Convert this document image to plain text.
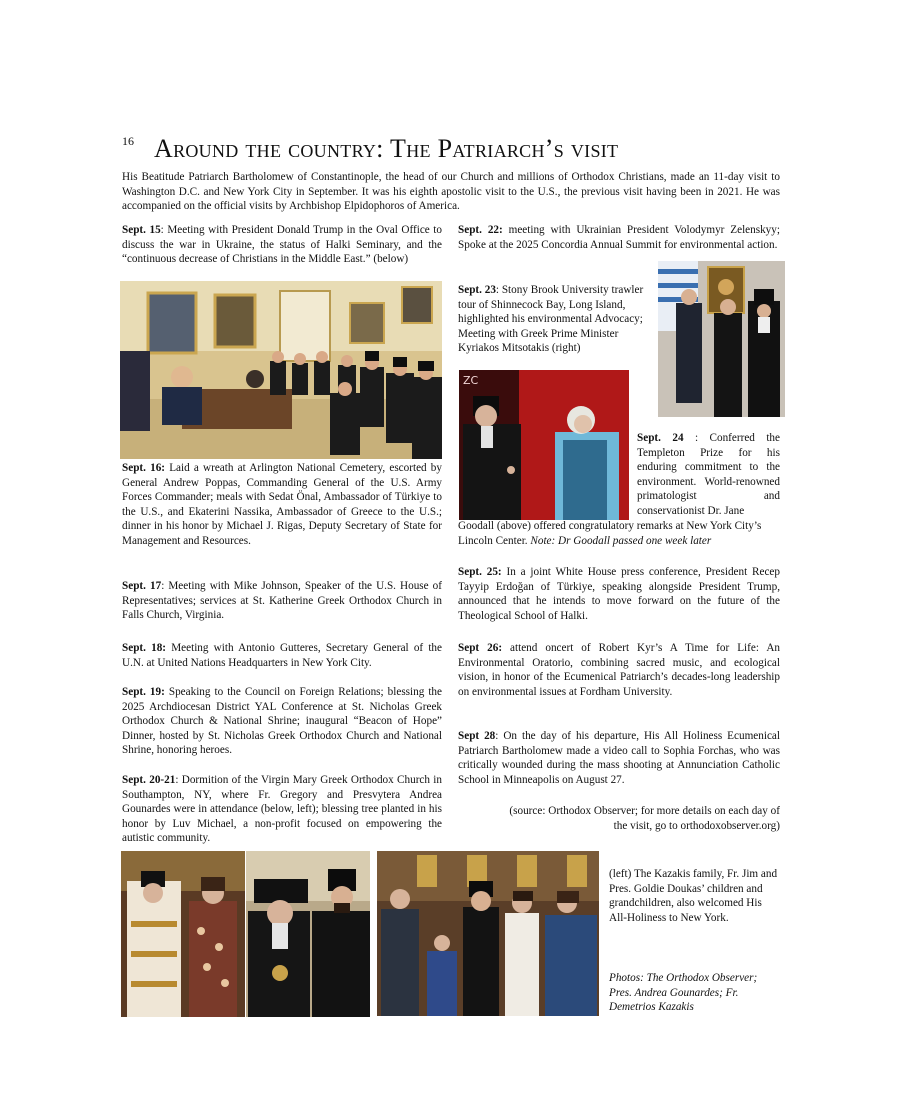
16 Around the country: The Patriarch’s visit

His Beatitude Patriarch Bartholomew of Constantinople, the head of our Church and millions of Orthodox Christians, made an 11-day visit to Washington D.C. and New York City in September. It was his eighth apostolic visit to the U.S., the previous visit having been in 2021. He was accompanied on the official visits by Archbishop Elpidophoros of America.

Sept. 15: Meeting with President Donald Trump in the Oval Office to discuss the war in Ukraine, the status of Halki Seminary, and the “continuous decrease of Christians in the Middle East.” (below)

Sept. 16: Laid a wreath at Arlington National Cemetery, escorted by General Andrew Poppas, Commanding General of the U.S. Army Forces Commander; meals with Sedat Önal, Ambassador of Türkiye to the U.S., and Ekaterini Nassika, Ambassador of Greece to the U.S.; dinner in his honor by Michael J. Rigas, Deputy Secretary of State for Management and Resources.

Sept. 17: Meeting with Mike Johnson, Speaker of the U.S. House of Representatives; services at St. Katherine Greek Orthodox Church in Falls Church, Virginia.

Sept. 18: Meeting with Antonio Gutteres, Secretary General of the U.N. at United Nations Headquarters in New York City.

Sept. 19: Speaking to the Council on Foreign Relations; blessing the 2025 Archdiocesan District YAL Conference at St. Nicholas Greek Orthodox Church & National Shrine; inaugural “Beacon of Hope” Dinner, hosted by St. Nicholas Greek Orthodox Church and National Shrine, honoring heroes.

Sept. 20-21: Dormition of the Virgin Mary Greek Orthodox Church in Southampton, NY, where Fr. Gregory and Presvytera Andrea Gounardes were in attendance (below, left); blessing tree planted in his honor by Luv Michael, a non-profit focused on empowering the autistic community.

Sept. 22: meeting with Ukrainian President Volodymyr Zelenskyy; Spoke at the 2025 Concordia Annual Summit for environmental action.

Sept. 23: Stony Brook University trawler tour of Shinnecock Bay, Long Island, highlighted his environmental Advocacy; Meeting with Greek Prime Minister Kyriakos Mitsotakis (right)

ZC

Sept. 24 : Conferred the Templeton Prize for his enduring commitment to the environment. World-renowned primatologist and conservationist Dr. Jane

Goodall (above) offered congratulatory remarks at New York City’s Lincoln Center. Note: Dr Goodall passed one week later

Sept. 25: In a joint White House press conference, President Recep Tayyip Erdoğan of Türkiye, speaking alongside President Trump, announced that he intends to move forward on the future of the Theological School of Halki.

Sept 26: attend oncert of Robert Kyr’s A Time for Life: An Environmental Oratorio, combining sacred music, and ecological vision, in honor of the Ecumenical Patriarch’s decades-long leadership on environmental issues at Fordham University.

Sept 28: On the day of his departure, His All Holiness Ecumenical Patriarch Bartholomew made a video call to Sophia Forchas, who was critically wounded during the mass shooting at Annunciation Catholic School in Minneapolis on August 27.

(source: Orthodox Observer; for more details on each day of
the visit, go to orthodoxobserver.org)

(left) The Kazakis family, Fr. Jim and Pres. Goldie Doukas’ children and grandchildren, also welcomed His All-Holiness to New York.

Photos: The Orthodox Observer; Pres. Andrea Gounardes; Fr. Demetrios Kazakis
